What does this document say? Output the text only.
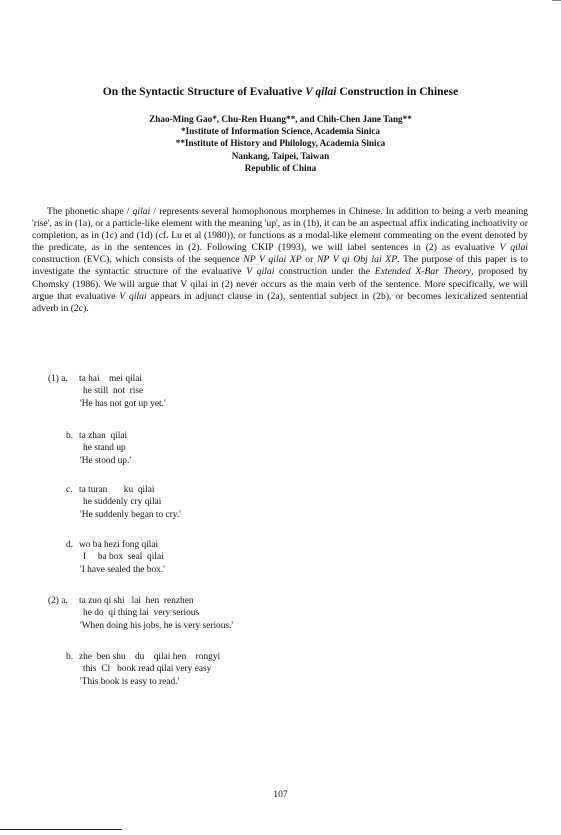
On the Syntactic Structure of Evaluative V qilai Construction in Chinese
Zhao-Ming Gao*, Chu-Ren Huang**, and Chih-Chen Jane Tang**
*Institute of Information Science, Academia Sinica
**Institute of History and Philology, Academia Sinica
Nankang, Taipei, Taiwan
Republic of China

The phonetic shape / qilai / represents several homophonous morphemes in Chinese. In addition to being a verb meaning 'rise', as in (1a), or a particle-like element with the meaning 'up', as in (1b), it can be an aspectual affix indicating inchoativity or completion, as in (1c) and (1d) (cf. Lu et al (1980)), or functions as a modal-like element commenting on the event denoted by the predicate, as in the sentences in (2). Following CKIP (1993), we will label sentences in (2) as evaluative V qilai construction (EVC), which consists of the sequence NP V qilai XP or NP V qi Obj lai XP. The purpose of this paper is to investigate the syntactic structure of the evaluative V qilai construction under the Extended X-Bar Theory, proposed by Chomsky (1986). We will argue that V qilai in (2) never occurs as the main verb of the sentence. More specifically, we will argue that evaluative V qilai appears in adjunct clause in (2a), sentential subject in (2b), or becomes lexicalized sentential adverb in (2c).

(1) a.	ta hai    mei qilai
he still  not  rise
'He has not got up yet.'
b. ta zhan  qilai
he stand up
'He stood up.'
c. ta turan       ku  qilai
he suddenly cry qilai
'He suddenly began to cry.'
d. wo ba hezi fong qilai
I     ba box  seal  qilai
'I have sealed the box.'
(2) a.	ta zuo qi shi   lai  hen  renzhen
he do  qi thing lai  very serious
'When doing his jobs, he is very serious.'
b. zhe  ben shu    du    qilai hen    rongyi
this  Cl   book read qilai very easy
'This book is easy to read.'
107
